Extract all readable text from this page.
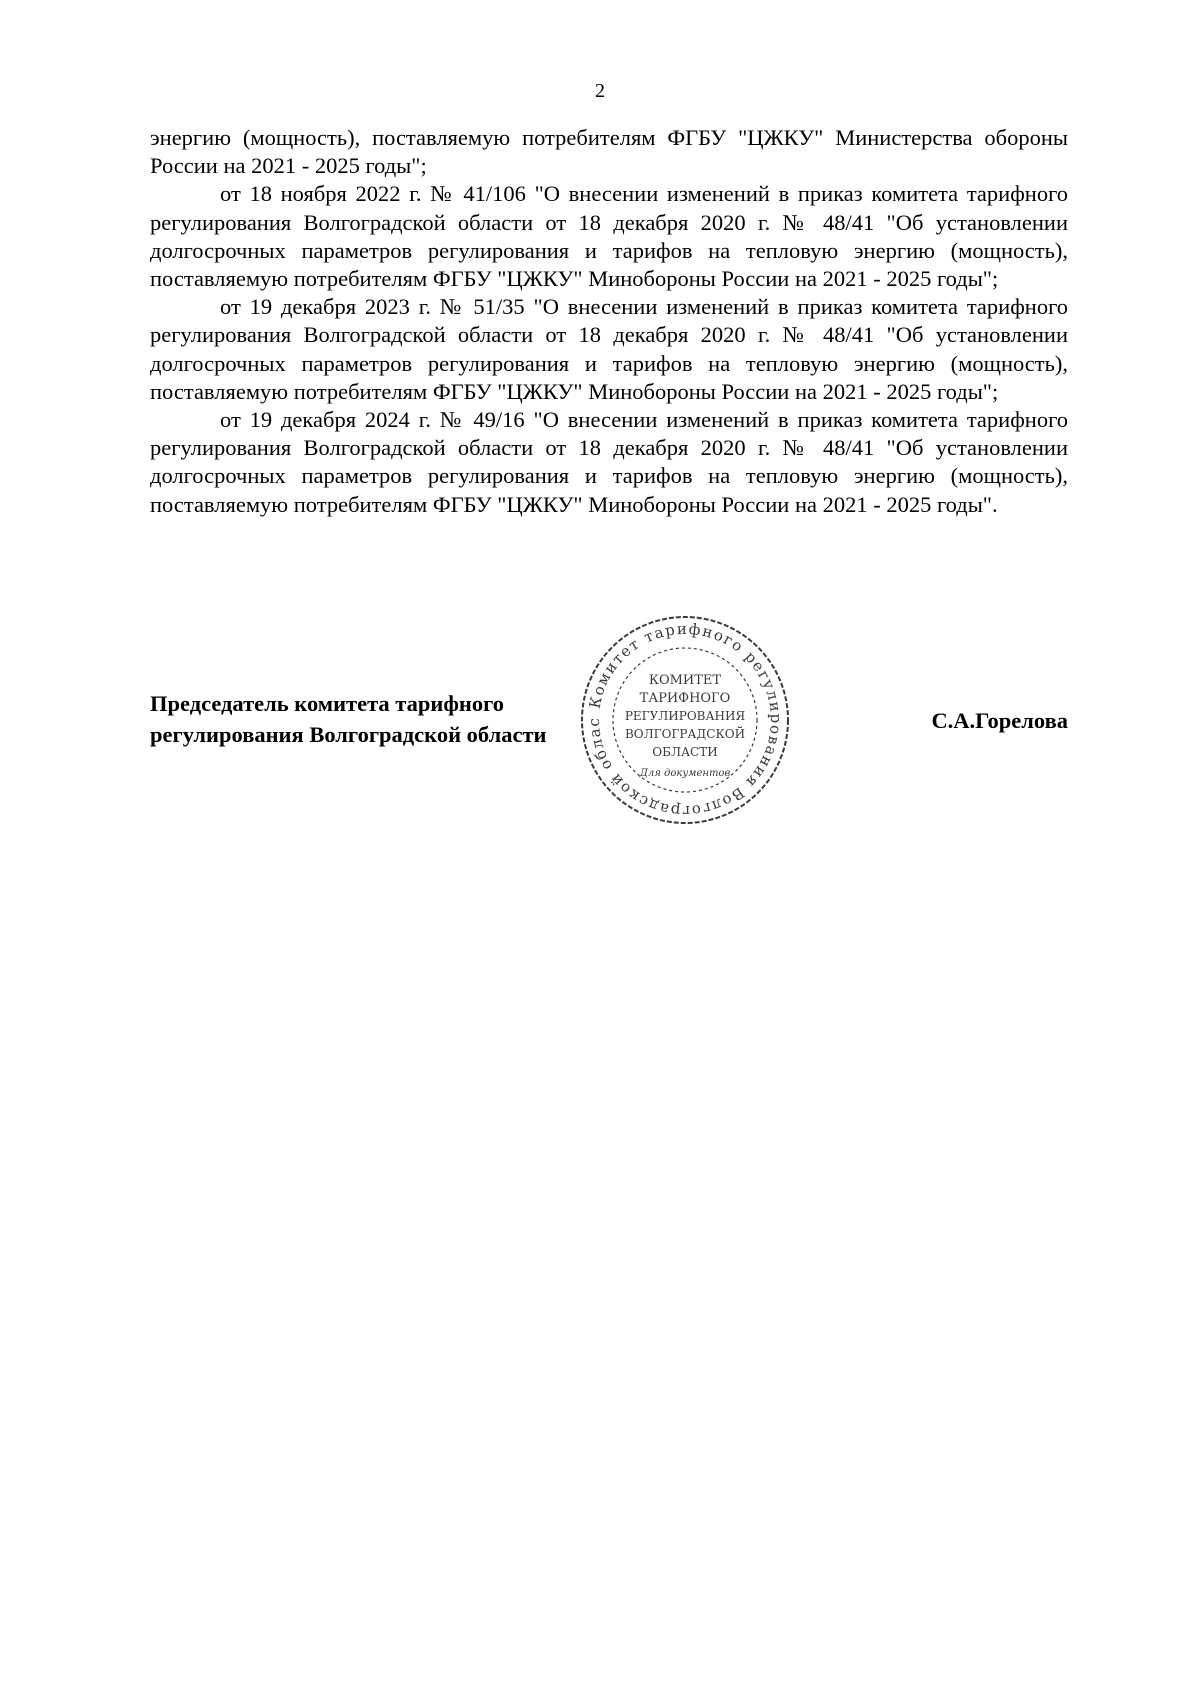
2

энергию (мощность), поставляемую потребителям ФГБУ "ЦЖКУ" Министерства обороны России на 2021 - 2025 годы";

от 18 ноября 2022 г. № 41/106 "О внесении изменений в приказ комитета тарифного регулирования Волгоградской области от 18 декабря 2020 г. № 48/41 "Об установлении долгосрочных параметров регулирования и тарифов на тепловую энергию (мощность), поставляемую потребителям ФГБУ "ЦЖКУ" Минобороны России на 2021 - 2025 годы";

от 19 декабря 2023 г. № 51/35 "О внесении изменений в приказ комитета тарифного регулирования Волгоградской области от 18 декабря 2020 г. № 48/41 "Об установлении долгосрочных параметров регулирования и тарифов на тепловую энергию (мощность), поставляемую потребителям ФГБУ "ЦЖКУ" Минобороны России на 2021 - 2025 годы";

от 19 декабря 2024 г. № 49/16 "О внесении изменений в приказ комитета тарифного регулирования Волгоградской области от 18 декабря 2020 г. № 48/41 "Об установлении долгосрочных параметров регулирования и тарифов на тепловую энергию (мощность), поставляемую потребителям ФГБУ "ЦЖКУ" Минобороны России на 2021 - 2025 годы".

Председатель комитета тарифного
регулирования Волгоградской области
С.А.Горелова
Комитет тарифного регулирования Волгоградской облас
КОМИТЕТ
ТАРИФНОГО
РЕГУЛИРОВАНИЯ
ВОЛГОГРАДСКОЙ
ОБЛАСТИ
Для документов
